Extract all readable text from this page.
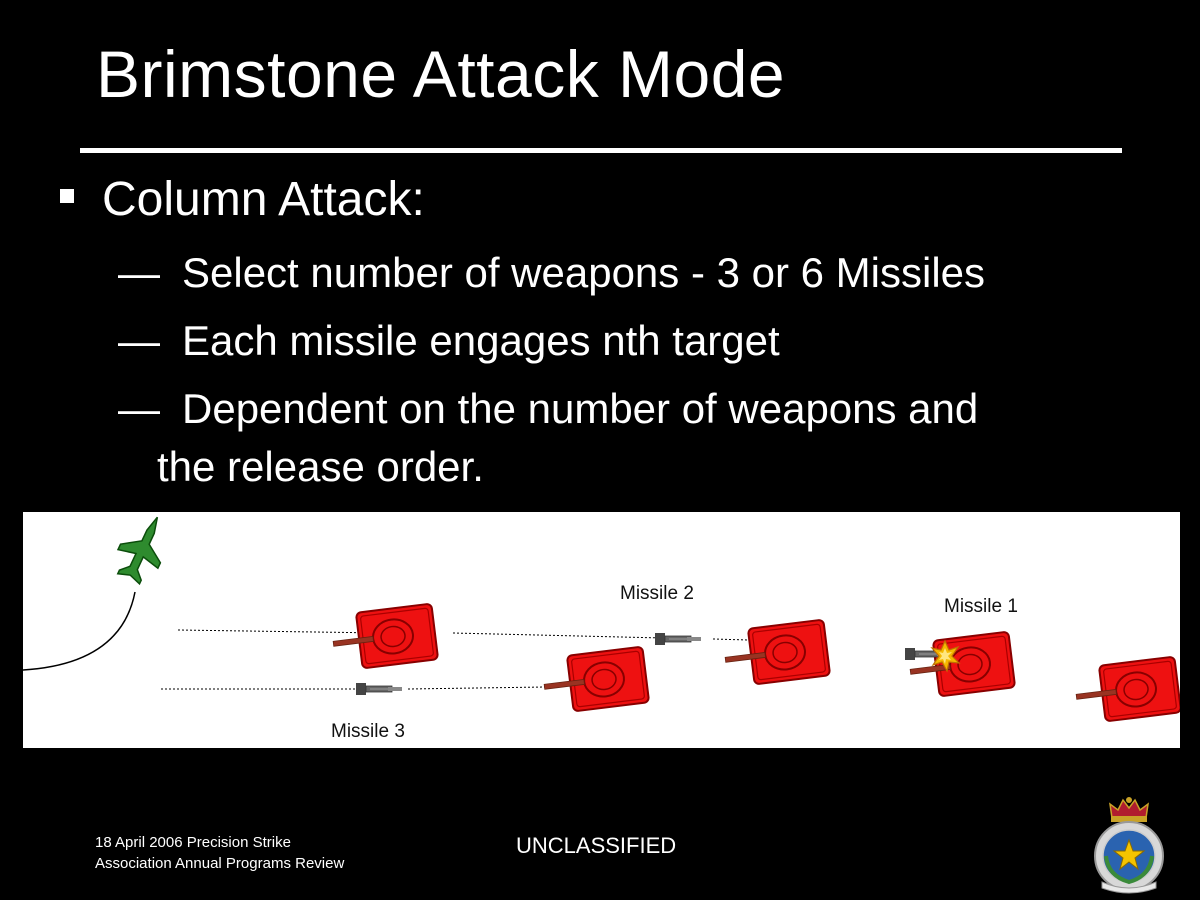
Brimstone Attack Mode
Column Attack:
— Select number of weapons - 3 or 6 Missiles
— Each missile engages nth target
— Dependent on the number of weapons and
the release order.
Missile 2
Missile 1
Missile 3
18 April 2006 Precision Strike Association Annual Programs Review
UNCLASSIFIED
